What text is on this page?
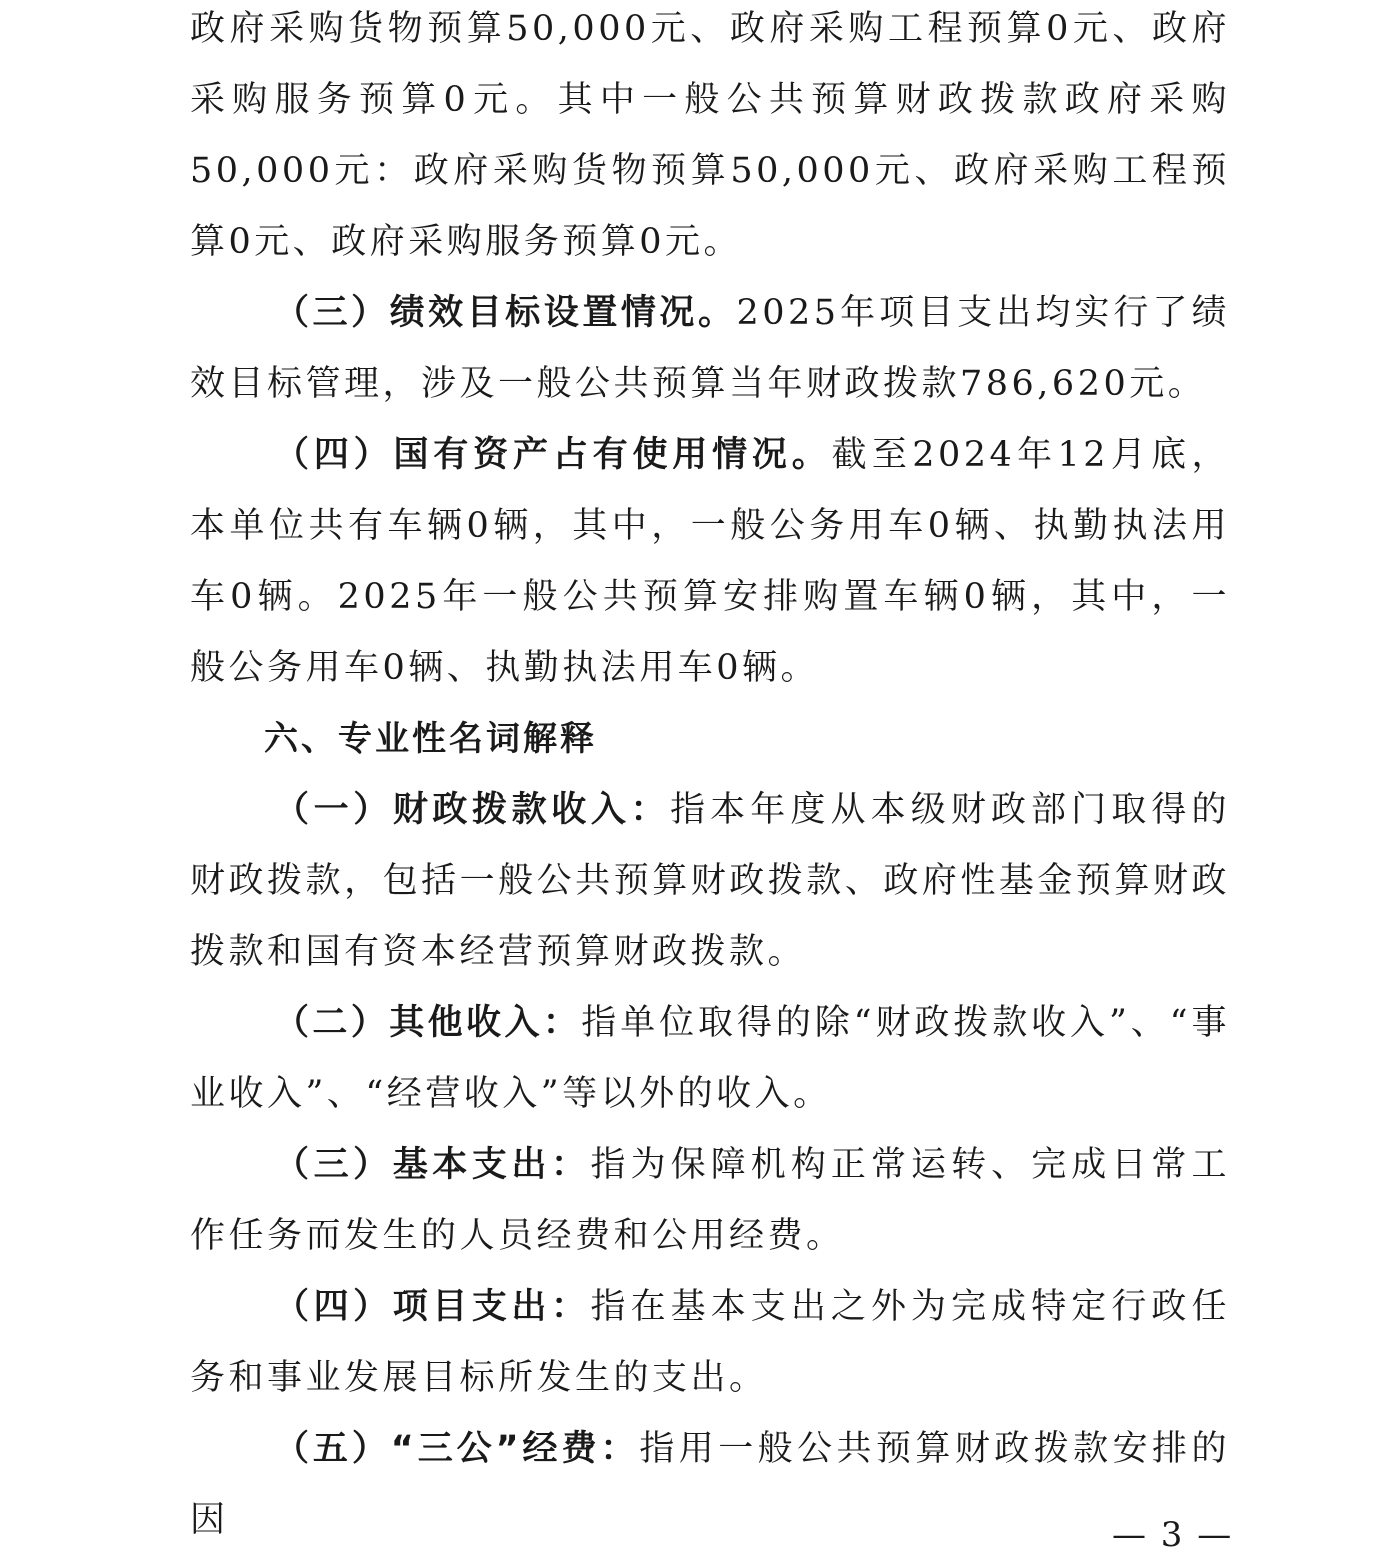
政府采购货物预算50,000元、政府采购工程预算0元、政府采购服务预算0元。其中一般公共预算财政拨款政府采购50,000元：政府采购货物预算50,000元、政府采购工程预算0元、政府采购服务预算0元。

（三）绩效目标设置情况。2025年项目支出均实行了绩效目标管理，涉及一般公共预算当年财政拨款786,620元。

（四）国有资产占有使用情况。截至2024年12月底，本单位共有车辆0辆，其中，一般公务用车0辆、执勤执法用车0辆。2025年一般公共预算安排购置车辆0辆，其中，一般公务用车0辆、执勤执法用车0辆。

六、专业性名词解释

（一）财政拨款收入：指本年度从本级财政部门取得的财政拨款，包括一般公共预算财政拨款、政府性基金预算财政拨款和国有资本经营预算财政拨款。

（二）其他收入：指单位取得的除“财政拨款收入”、“事业收入”、“经营收入”等以外的收入。

（三）基本支出：指为保障机构正常运转、完成日常工作任务而发生的人员经费和公用经费。

（四）项目支出：指在基本支出之外为完成特定行政任务和事业发展目标所发生的支出。

（五）“三公”经费：指用一般公共预算财政拨款安排的因	— 3 —
